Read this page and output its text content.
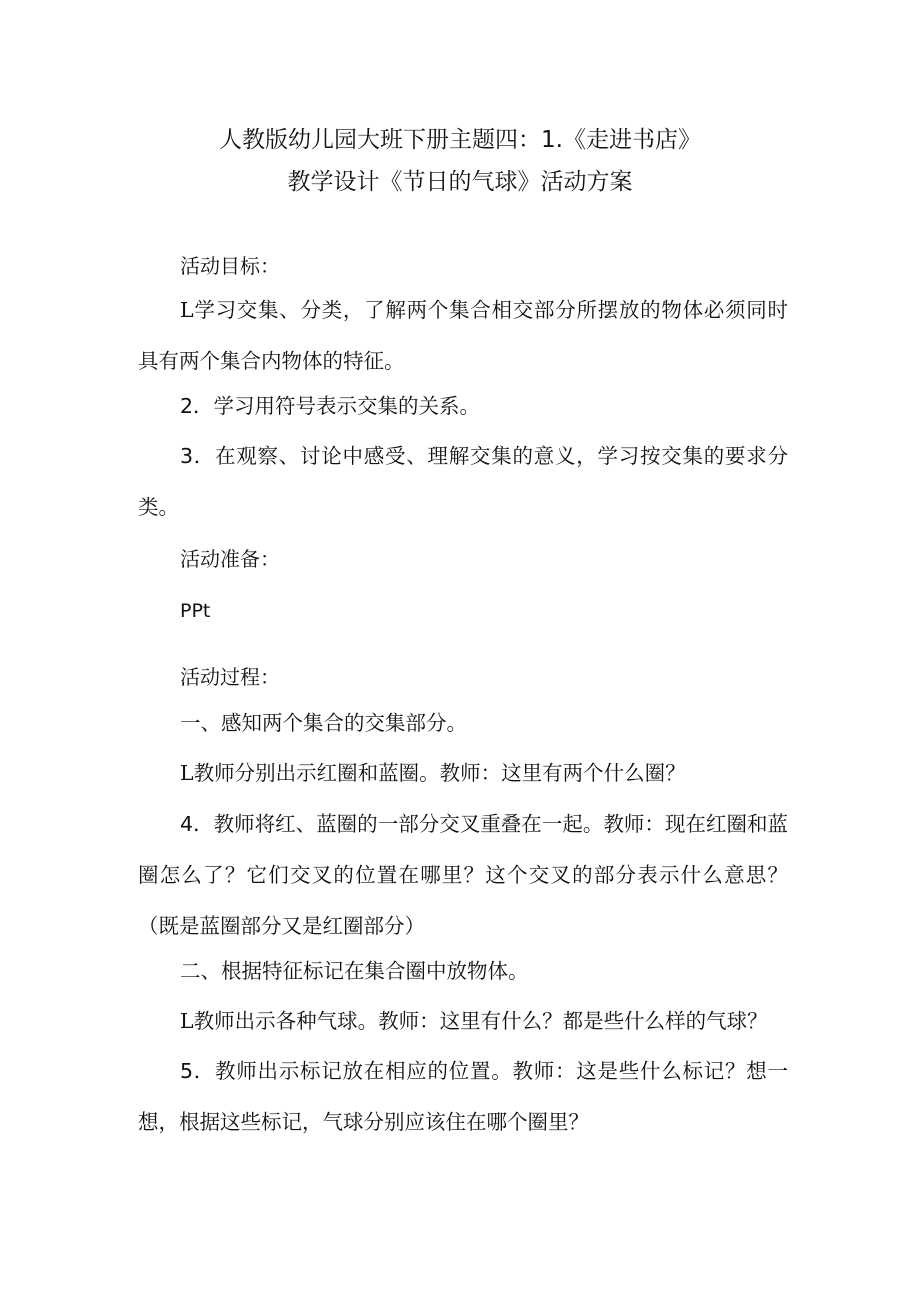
人教版幼儿园大班下册主题四：1.《走进书店》
教学设计《节日的气球》活动方案
活动目标：
L学习交集、分类，了解两个集合相交部分所摆放的物体必须同时具有两个集合内物体的特征。
2．学习用符号表示交集的关系。
3．在观察、讨论中感受、理解交集的意义，学习按交集的要求分类。
活动准备：
PPt
活动过程：
一、感知两个集合的交集部分。
L教师分别出示红圈和蓝圈。教师：这里有两个什么圈？
4．教师将红、蓝圈的一部分交叉重叠在一起。教师：现在红圈和蓝圈怎么了？它们交叉的位置在哪里？这个交叉的部分表示什么意思？（既是蓝圈部分又是红圈部分）
二、根据特征标记在集合圈中放物体。
L教师出示各种气球。教师：这里有什么？都是些什么样的气球？
5．教师出示标记放在相应的位置。教师：这是些什么标记？想一想，根据这些标记，气球分别应该住在哪个圈里？
